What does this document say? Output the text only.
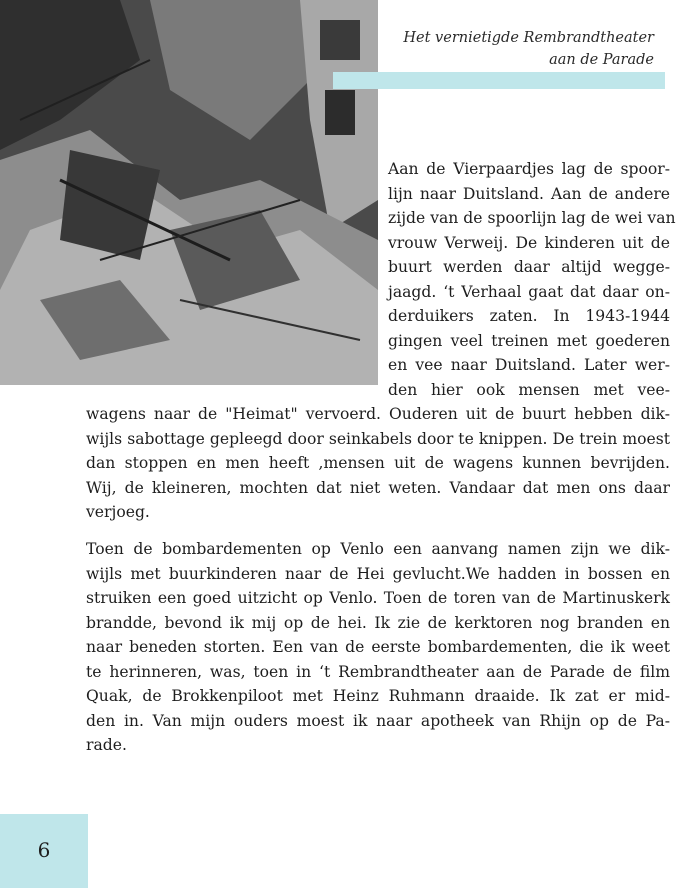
Het vernietigde Rembrandtheater
aan de Parade
Aan de Vierpaardjes lag de spoor-
lijn naar Duitsland. Aan de andere
zijde van de spoorlijn lag de wei van
vrouw Verweij. De kinderen uit de
buurt werden daar altijd wegge-
jaagd. ‘t Verhaal gaat dat daar on-
derduikers zaten. In 1943-1944
gingen veel treinen met goederen
en vee naar Duitsland. Later wer-
den hier ook mensen met vee-
wagens naar de "Heimat" vervoerd. Ouderen uit de buurt hebben dik-
wijls sabottage gepleegd door seinkabels door te knippen. De trein moest
dan stoppen en men heeft ,mensen uit de wagens kunnen bevrijden.
Wij, de kleineren, mochten dat niet weten. Vandaar dat men ons daar
verjoeg.
Toen de bombardementen op Venlo een aanvang namen zijn we dik-
wijls met buurkinderen naar de Hei gevlucht.We hadden in bossen en
struiken een goed uitzicht op Venlo. Toen de toren van de Martinuskerk
brandde, bevond ik mij op de hei. Ik zie de kerktoren nog branden en
naar beneden storten. Een van de eerste bombardementen, die ik weet
te herinneren, was, toen in ‘t Rembrandtheater aan de Parade de film
Quak, de Brokkenpiloot met Heinz Ruhmann draaide. Ik zat er mid-
den in. Van mijn ouders moest ik naar apotheek van Rhijn op de Pa-
rade.
6
